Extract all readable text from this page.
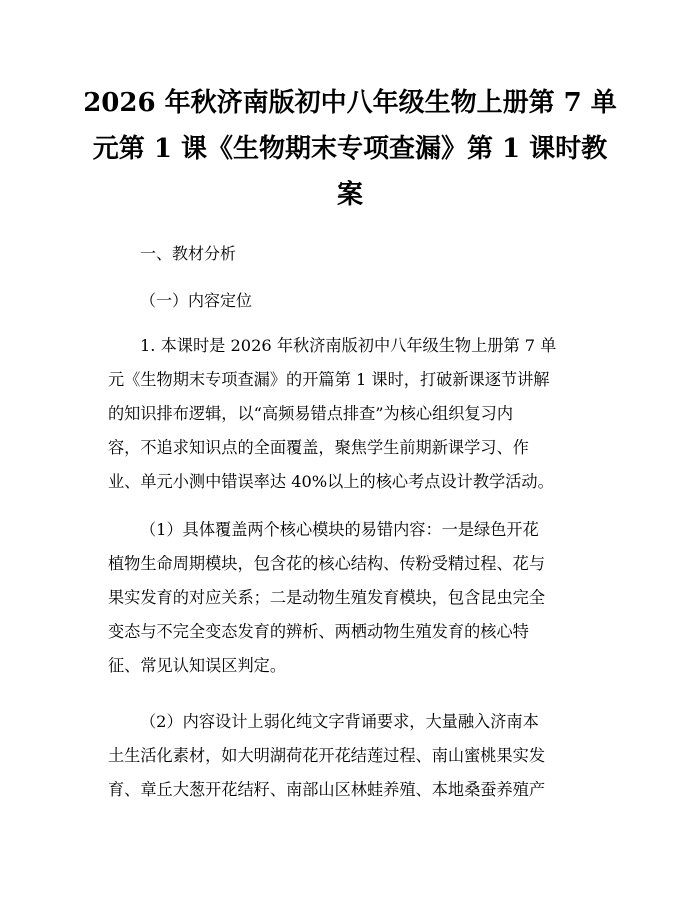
2026 年秋济南版初中八年级生物上册第 7 单
元第 1 课《生物期末专项查漏》第 1 课时教
案

一、教材分析

（一）内容定位

1. 本课时是 2026 年秋济南版初中八年级生物上册第 7 单
元《生物期末专项查漏》的开篇第 1 课时，打破新课逐节讲解
的知识排布逻辑，以“高频易错点排查”为核心组织复习内
容，不追求知识点的全面覆盖，聚焦学生前期新课学习、作
业、单元小测中错误率达 40%以上的核心考点设计教学活动。

（1）具体覆盖两个核心模块的易错内容：一是绿色开花
植物生命周期模块，包含花的核心结构、传粉受精过程、花与
果实发育的对应关系；二是动物生殖发育模块，包含昆虫完全
变态与不完全变态发育的辨析、两栖动物生殖发育的核心特
征、常见认知误区判定。

（2）内容设计上弱化纯文字背诵要求，大量融入济南本
土生活化素材，如大明湖荷花开花结莲过程、南山蜜桃果实发
育、章丘大葱开花结籽、南部山区林蛙养殖、本地桑蚕养殖产
